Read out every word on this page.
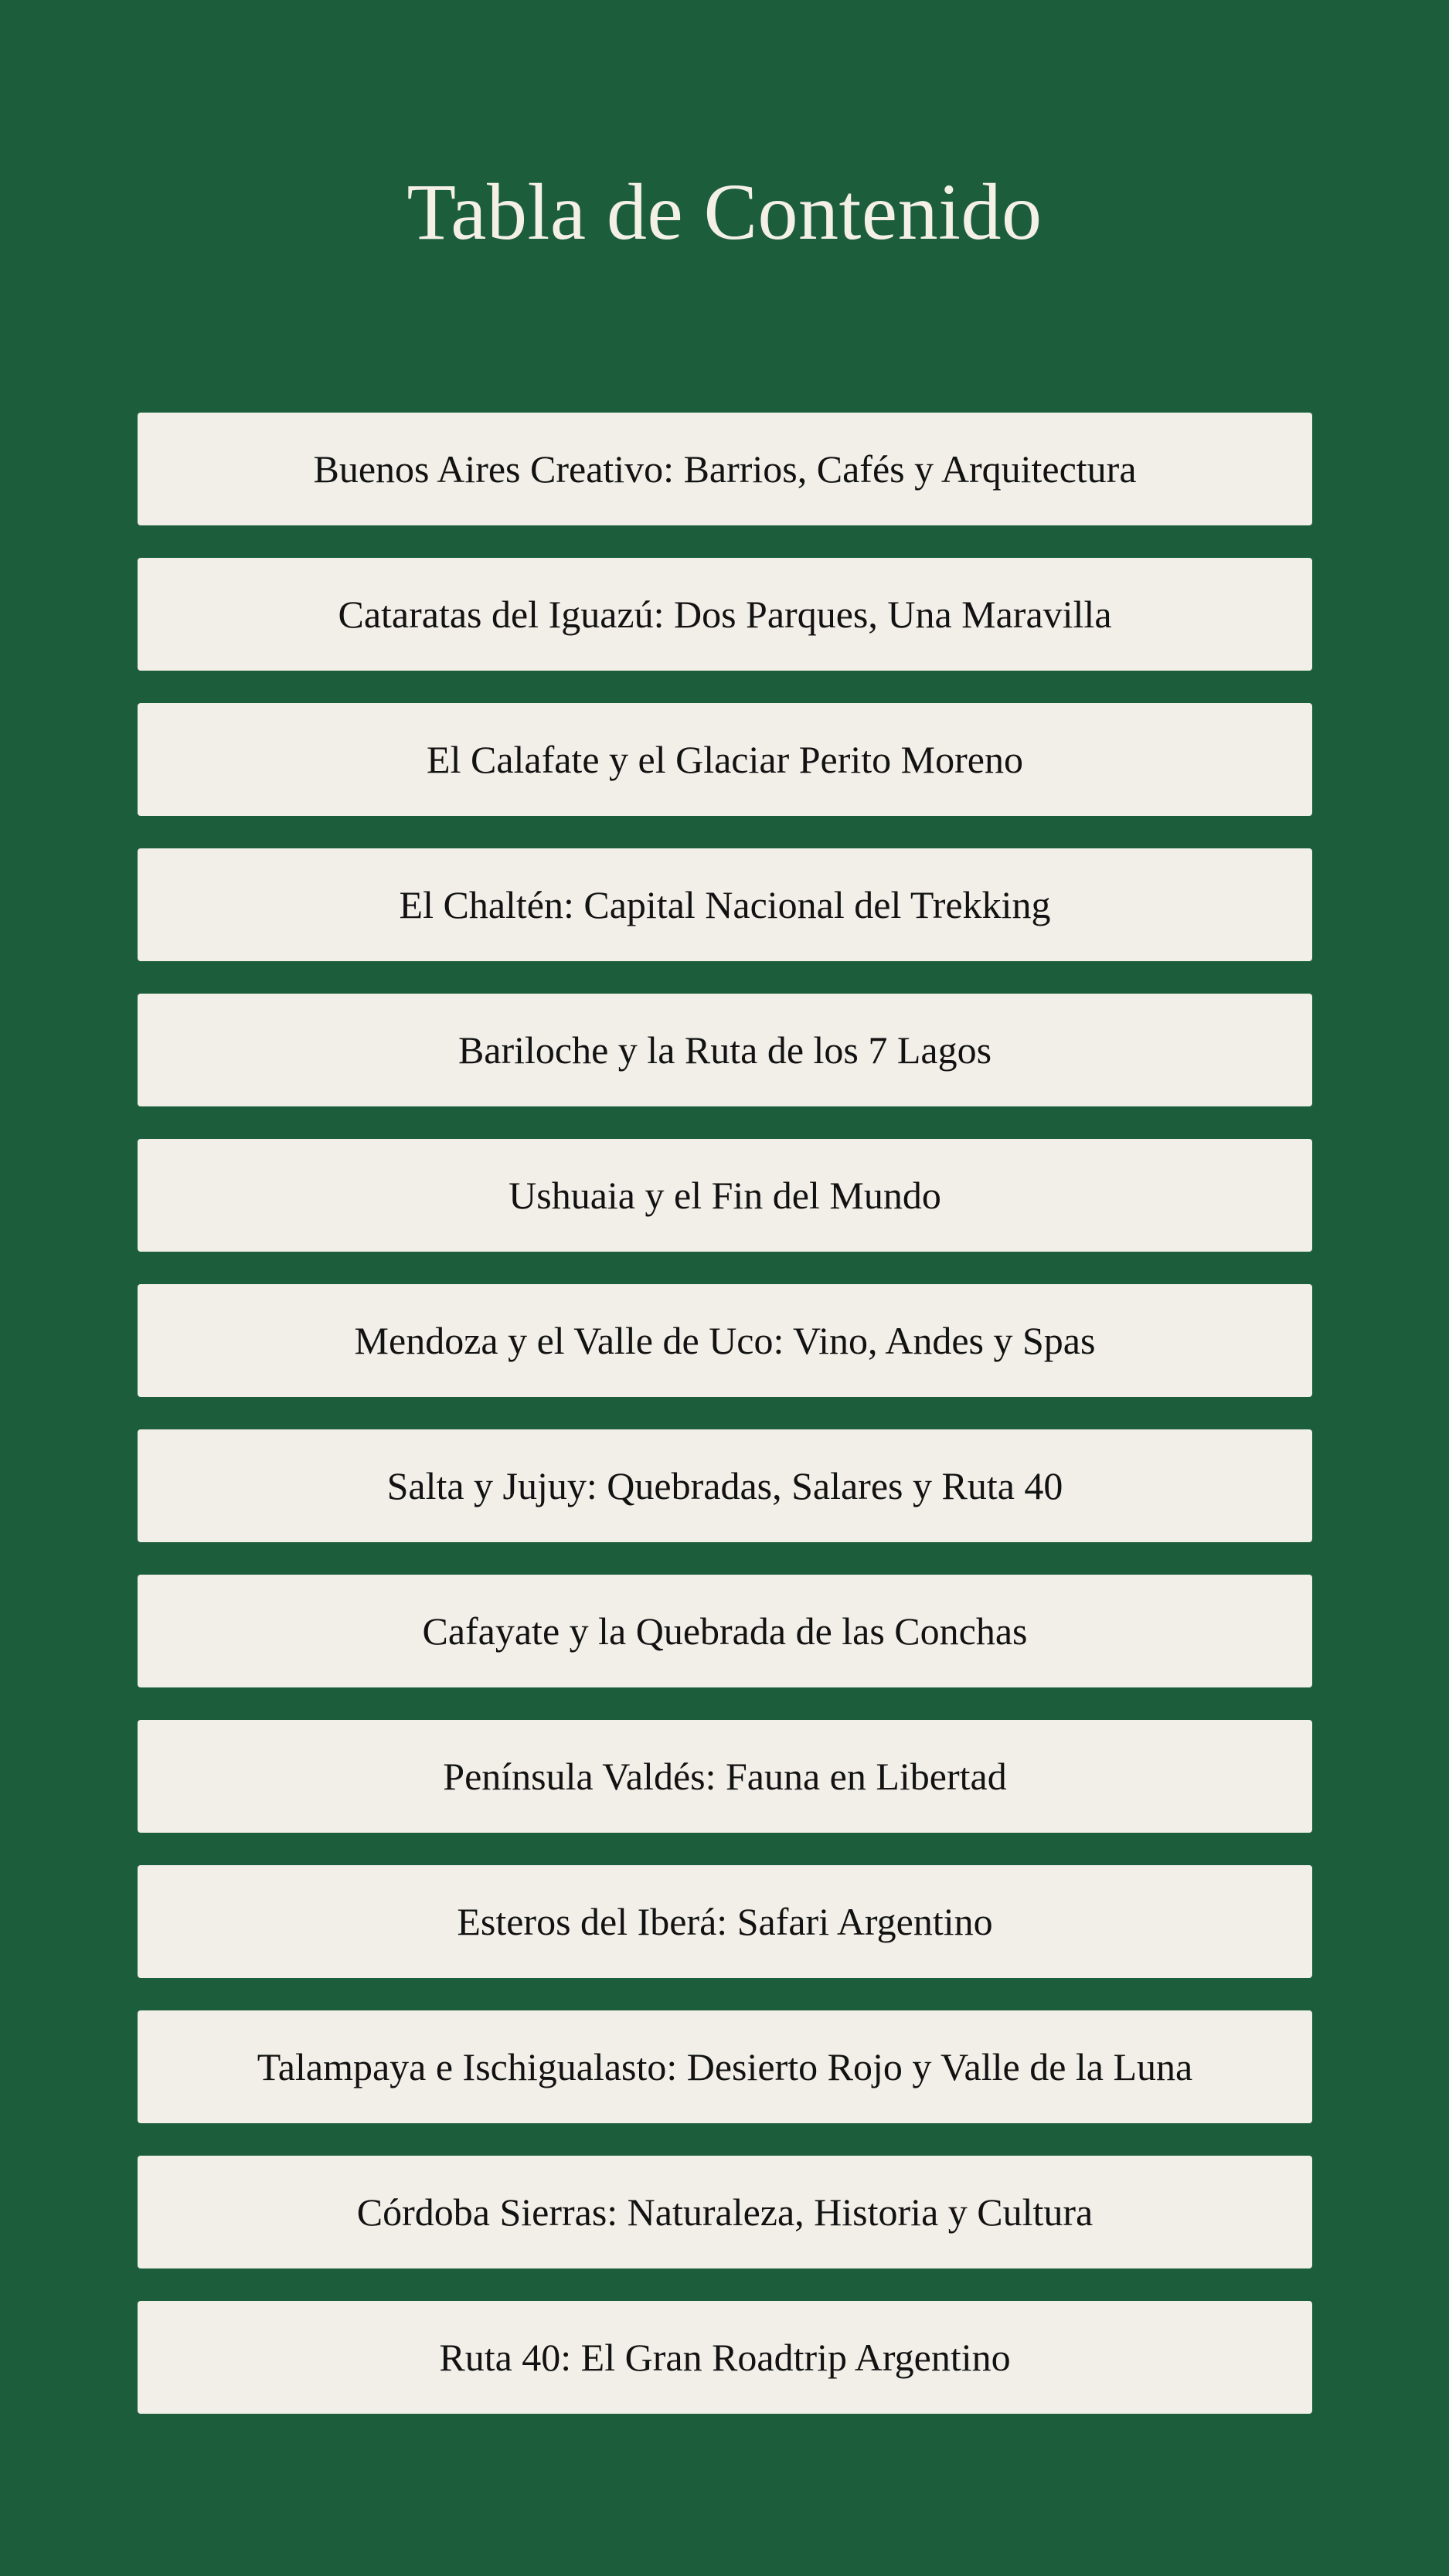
Tabla de Contenido
Buenos Aires Creativo: Barrios, Cafés y Arquitectura
Cataratas del Iguazú: Dos Parques, Una Maravilla
El Calafate y el Glaciar Perito Moreno
El Chaltén: Capital Nacional del Trekking
Bariloche y la Ruta de los 7 Lagos
Ushuaia y el Fin del Mundo
Mendoza y el Valle de Uco: Vino, Andes y Spas
Salta y Jujuy: Quebradas, Salares y Ruta 40
Cafayate y la Quebrada de las Conchas
Península Valdés: Fauna en Libertad
Esteros del Iberá: Safari Argentino
Talampaya e Ischigualasto: Desierto Rojo y Valle de la Luna
Córdoba Sierras: Naturaleza, Historia y Cultura
Ruta 40: El Gran Roadtrip Argentino
